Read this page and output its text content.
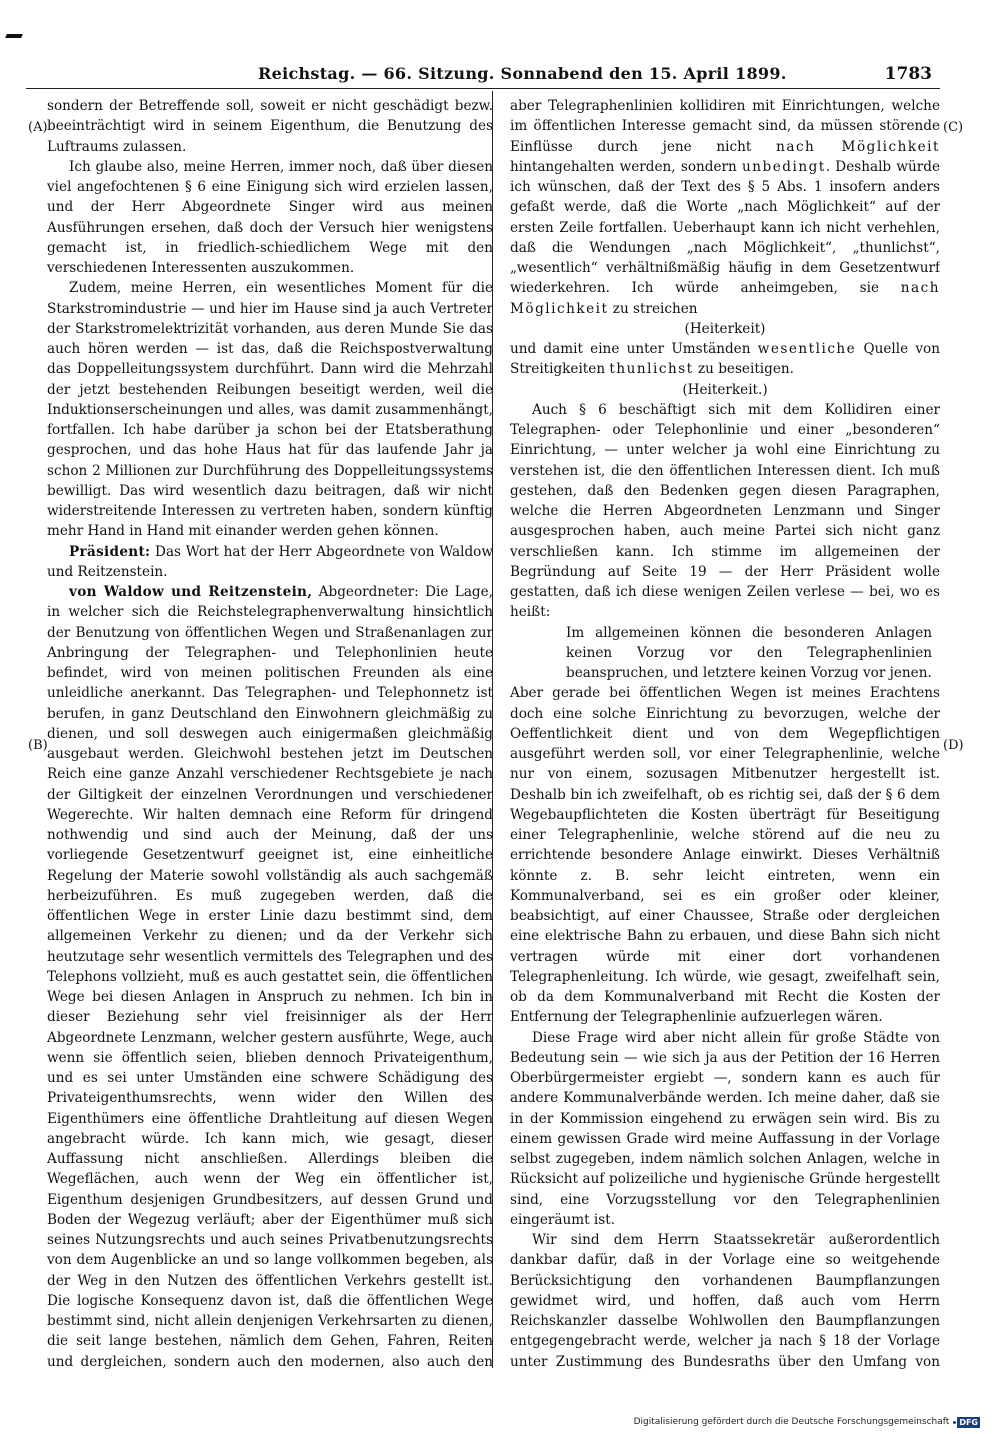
Reichstag. — 66. Sitzung. Sonnabend den 15. April 1899.	1783
(A)
(B)
(C)
(D)

sondern der Betreffende soll, soweit er nicht geschädigt bezw. beeinträchtigt wird in seinem Eigenthum, die Benutzung des Luftraums zulassen.

Ich glaube also, meine Herren, immer noch, daß über diesen viel angefochtenen § 6 eine Einigung sich wird erzielen lassen, und der Herr Abgeordnete Singer wird aus meinen Ausführungen ersehen, daß doch der Versuch hier wenigstens gemacht ist, in friedlich-schiedlichem Wege mit den verschiedenen Interessenten auszukommen.

Zudem, meine Herren, ein wesentliches Moment für die Starkstromindustrie — und hier im Hause sind ja auch Vertreter der Starkstromelektrizität vorhanden, aus deren Munde Sie das auch hören werden — ist das, daß die Reichspostverwaltung das Doppelleitungssystem durchführt. Dann wird die Mehrzahl der jetzt bestehenden Reibungen beseitigt werden, weil die Induktionserscheinungen und alles, was damit zusammenhängt, fortfallen. Ich habe darüber ja schon bei der Etatsberathung gesprochen, und das hohe Haus hat für das laufende Jahr ja schon 2 Millionen zur Durchführung des Doppelleitungssystems bewilligt. Das wird wesentlich dazu beitragen, daß wir nicht widerstreitende Interessen zu vertreten haben, sondern künftig mehr Hand in Hand mit einander werden gehen können.

Präsident: Das Wort hat der Herr Abgeordnete von Waldow und Reitzenstein.

von Waldow und Reitzenstein, Abgeordneter: Die Lage, in welcher sich die Reichstelegraphenverwaltung hinsichtlich der Benutzung von öffentlichen Wegen und Straßenanlagen zur Anbringung der Telegraphen- und Telephonlinien heute befindet, wird von meinen politischen Freunden als eine unleidliche anerkannt. Das Telegraphen- und Telephonnetz ist berufen, in ganz Deutschland den Einwohnern gleichmäßig zu dienen, und soll deswegen auch einigermaßen gleichmäßig ausgebaut werden. Gleichwohl bestehen jetzt im Deutschen Reich eine ganze Anzahl verschiedener Rechtsgebiete je nach der Giltigkeit der einzelnen Verordnungen und verschiedener Wegerechte. Wir halten demnach eine Reform für dringend nothwendig und sind auch der Meinung, daß der uns vorliegende Gesetzentwurf geeignet ist, eine einheitliche Regelung der Materie sowohl vollständig als auch sachgemäß herbeizuführen. Es muß zugegeben werden, daß die öffentlichen Wege in erster Linie dazu bestimmt sind, dem allgemeinen Verkehr zu dienen; und da der Verkehr sich heutzutage sehr wesentlich vermittels des Telegraphen und des Telephons vollzieht, muß es auch gestattet sein, die öffentlichen Wege bei diesen Anlagen in Anspruch zu nehmen. Ich bin in dieser Beziehung sehr viel freisinniger als der Herr Abgeordnete Lenzmann, welcher gestern ausführte, Wege, auch wenn sie öffentlich seien, blieben dennoch Privateigenthum, und es sei unter Umständen eine schwere Schädigung des Privateigenthumsrechts, wenn wider den Willen des Eigenthümers eine öffentliche Drahtleitung auf diesen Wegen angebracht würde. Ich kann mich, wie gesagt, dieser Auffassung nicht anschließen. Allerdings bleiben die Wegeflächen, auch wenn der Weg ein öffentlicher ist, Eigenthum desjenigen Grundbesitzers, auf dessen Grund und Boden der Wegezug verläuft; aber der Eigenthümer muß sich seines Nutzungsrechts und auch seines Privatbenutzungsrechts von dem Augenblicke an und so lange vollkommen begeben, als der Weg in den Nutzen des öffentlichen Verkehrs gestellt ist. Die logische Konsequenz davon ist, daß die öffentlichen Wege bestimmt sind, nicht allein denjenigen Verkehrsarten zu dienen, die seit lange bestehen, nämlich dem Gehen, Fahren, Reiten und dergleichen, sondern auch den modernen, also auch den

aber Telegraphenlinien kollidiren mit Einrichtungen, welche im öffentlichen Interesse gemacht sind, da müssen störende Einflüsse durch jene nicht nach Möglichkeit hintangehalten werden, sondern unbedingt. Deshalb würde ich wünschen, daß der Text des § 5 Abs. 1 insofern anders gefaßt werde, daß die Worte „nach Möglichkeit“ auf der ersten Zeile fortfallen. Ueberhaupt kann ich nicht verhehlen, daß die Wendungen „nach Möglichkeit“, „thunlichst“, „wesentlich“ verhältnißmäßig häufig in dem Gesetzentwurf wiederkehren. Ich würde anheimgeben, sie nach Möglichkeit zu streichen

(Heiterkeit)

und damit eine unter Umständen wesentliche Quelle von Streitigkeiten thunlichst zu beseitigen.

(Heiterkeit.)

Auch § 6 beschäftigt sich mit dem Kollidiren einer Telegraphen- oder Telephonlinie und einer „besonderen“ Einrichtung, — unter welcher ja wohl eine Einrichtung zu verstehen ist, die den öffentlichen Interessen dient. Ich muß gestehen, daß den Bedenken gegen diesen Paragraphen, welche die Herren Abgeordneten Lenzmann und Singer ausgesprochen haben, auch meine Partei sich nicht ganz verschließen kann. Ich stimme im allgemeinen der Begründung auf Seite 19 — der Herr Präsident wolle gestatten, daß ich diese wenigen Zeilen verlese — bei, wo es heißt:

Im allgemeinen können die besonderen Anlagen keinen Vorzug vor den Telegraphenlinien beanspruchen, und letztere keinen Vorzug vor jenen.

Aber gerade bei öffentlichen Wegen ist meines Erachtens doch eine solche Einrichtung zu bevorzugen, welche der Oeffentlichkeit dient und von dem Wegepflichtigen ausgeführt werden soll, vor einer Telegraphenlinie, welche nur von einem, sozusagen Mitbenutzer hergestellt ist. Deshalb bin ich zweifelhaft, ob es richtig sei, daß der § 6 dem Wegebaupflichteten die Kosten überträgt für Beseitigung einer Telegraphenlinie, welche störend auf die neu zu errichtende besondere Anlage einwirkt. Dieses Verhältniß könnte z. B. sehr leicht eintreten, wenn ein Kommunalverband, sei es ein großer oder kleiner, beabsichtigt, auf einer Chaussee, Straße oder dergleichen eine elektrische Bahn zu erbauen, und diese Bahn sich nicht vertragen würde mit einer dort vorhandenen Telegraphenleitung. Ich würde, wie gesagt, zweifelhaft sein, ob da dem Kommunalverband mit Recht die Kosten der Entfernung der Telegraphenlinie aufzuerlegen wären.

Diese Frage wird aber nicht allein für große Städte von Bedeutung sein — wie sich ja aus der Petition der 16 Herren Oberbürgermeister ergiebt —, sondern kann es auch für andere Kommunalverbände werden. Ich meine daher, daß sie in der Kommission eingehend zu erwägen sein wird. Bis zu einem gewissen Grade wird meine Auffassung in der Vorlage selbst zugegeben, indem nämlich solchen Anlagen, welche in Rücksicht auf polizeiliche und hygienische Gründe hergestellt sind, eine Vorzugsstellung vor den Telegraphenlinien eingeräumt ist.

Wir sind dem Herrn Staatssekretär außerordentlich dankbar dafür, daß in der Vorlage eine so weitgehende Berücksichtigung den vorhandenen Baumpflanzungen gewidmet wird, und hoffen, daß auch vom Herrn Reichskanzler dasselbe Wohlwollen den Baumpflanzungen entgegengebracht werde, welcher ja nach § 18 der Vorlage unter Zustimmung des Bundesraths über den Umfang von

Digitalisierung gefördert durch die Deutsche Forschungsgemeinschaft DFG
